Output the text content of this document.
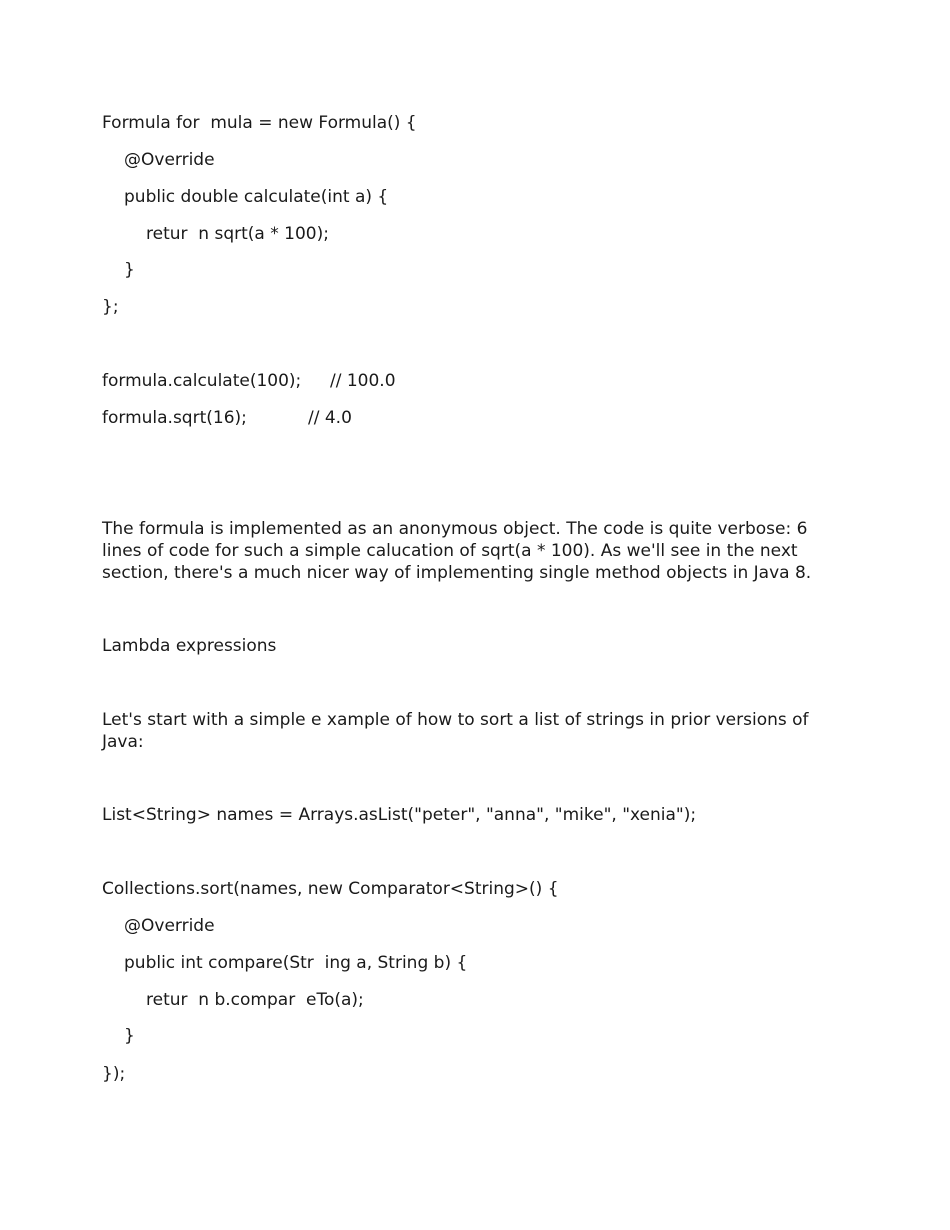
Formula for  mula = new Formula() {
@Override
public double calculate(int a) {
retur  n sqrt(a * 100);
}
};
formula.calculate(100); // 100.0
formula.sqrt(16);	// 4.0
The formula is implemented as an anonymous object. The code is quite verbose: 6 lines of code for such a simple calucation of sqrt(a * 100). As we'll see in the next section, there's a much nicer way of implementing single method objects in Java 8.
Lambda expressions
Let's start with a simple e xample of how to sort a list of strings in prior versions of Java:
List<String> names = Arrays.asList("peter", "anna", "mike", "xenia");
Collections.sort(names, new Comparator<String>() {
@Override
public int compare(Str  ing a, String b) {
retur  n b.compar  eTo(a);
}
});
